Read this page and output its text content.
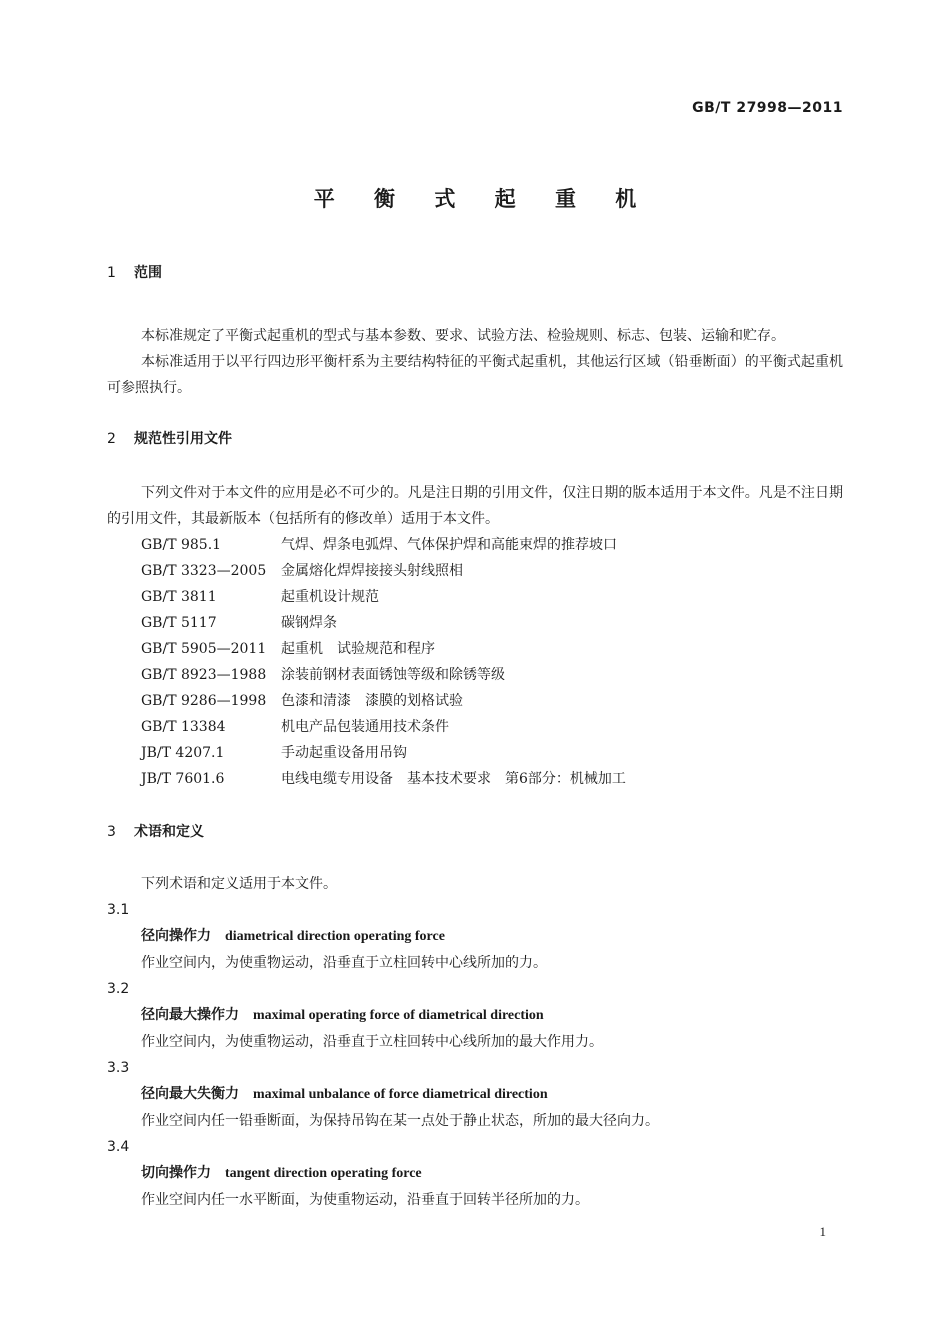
GB/T 27998—2011
平 衡 式 起 重 机
1 范围

本标准规定了平衡式起重机的型式与基本参数、要求、试验方法、检验规则、标志、包装、运输和贮存。

本标准适用于以平行四边形平衡杆系为主要结构特征的平衡式起重机，其他运行区域（铅垂断面）的平衡式起重机可参照执行。

2 规范性引用文件

下列文件对于本文件的应用是必不可少的。凡是注日期的引用文件，仅注日期的版本适用于本文件。凡是不注日期的引用文件，其最新版本（包括所有的修改单）适用于本文件。

GB/T 985.1	气焊、焊条电弧焊、气体保护焊和高能束焊的推荐坡口
GB/T 3323—2005 金属熔化焊焊接接头射线照相
GB/T 3811	起重机设计规范
GB/T 5117	碳钢焊条
GB/T 5905—2011 起重机　试验规范和程序
GB/T 8923—1988 涂装前钢材表面锈蚀等级和除锈等级
GB/T 9286—1998 色漆和清漆　漆膜的划格试验
GB/T 13384	机电产品包装通用技术条件
JB/T 4207.1	手动起重设备用吊钩
JB/T 7601.6	电线电缆专用设备　基本技术要求　第6部分：机械加工
3 术语和定义

下列术语和定义适用于本文件。

3.1
径向操作力 diametrical direction operating force
作业空间内，为使重物运动，沿垂直于立柱回转中心线所加的力。
3.2
径向最大操作力 maximal operating force of diametrical direction
作业空间内，为使重物运动，沿垂直于立柱回转中心线所加的最大作用力。
3.3
径向最大失衡力 maximal unbalance of force diametrical direction
作业空间内任一铅垂断面，为保持吊钩在某一点处于静止状态，所加的最大径向力。
3.4
切向操作力 tangent direction operating force
作业空间内任一水平断面，为使重物运动，沿垂直于回转半径所加的力。
1
